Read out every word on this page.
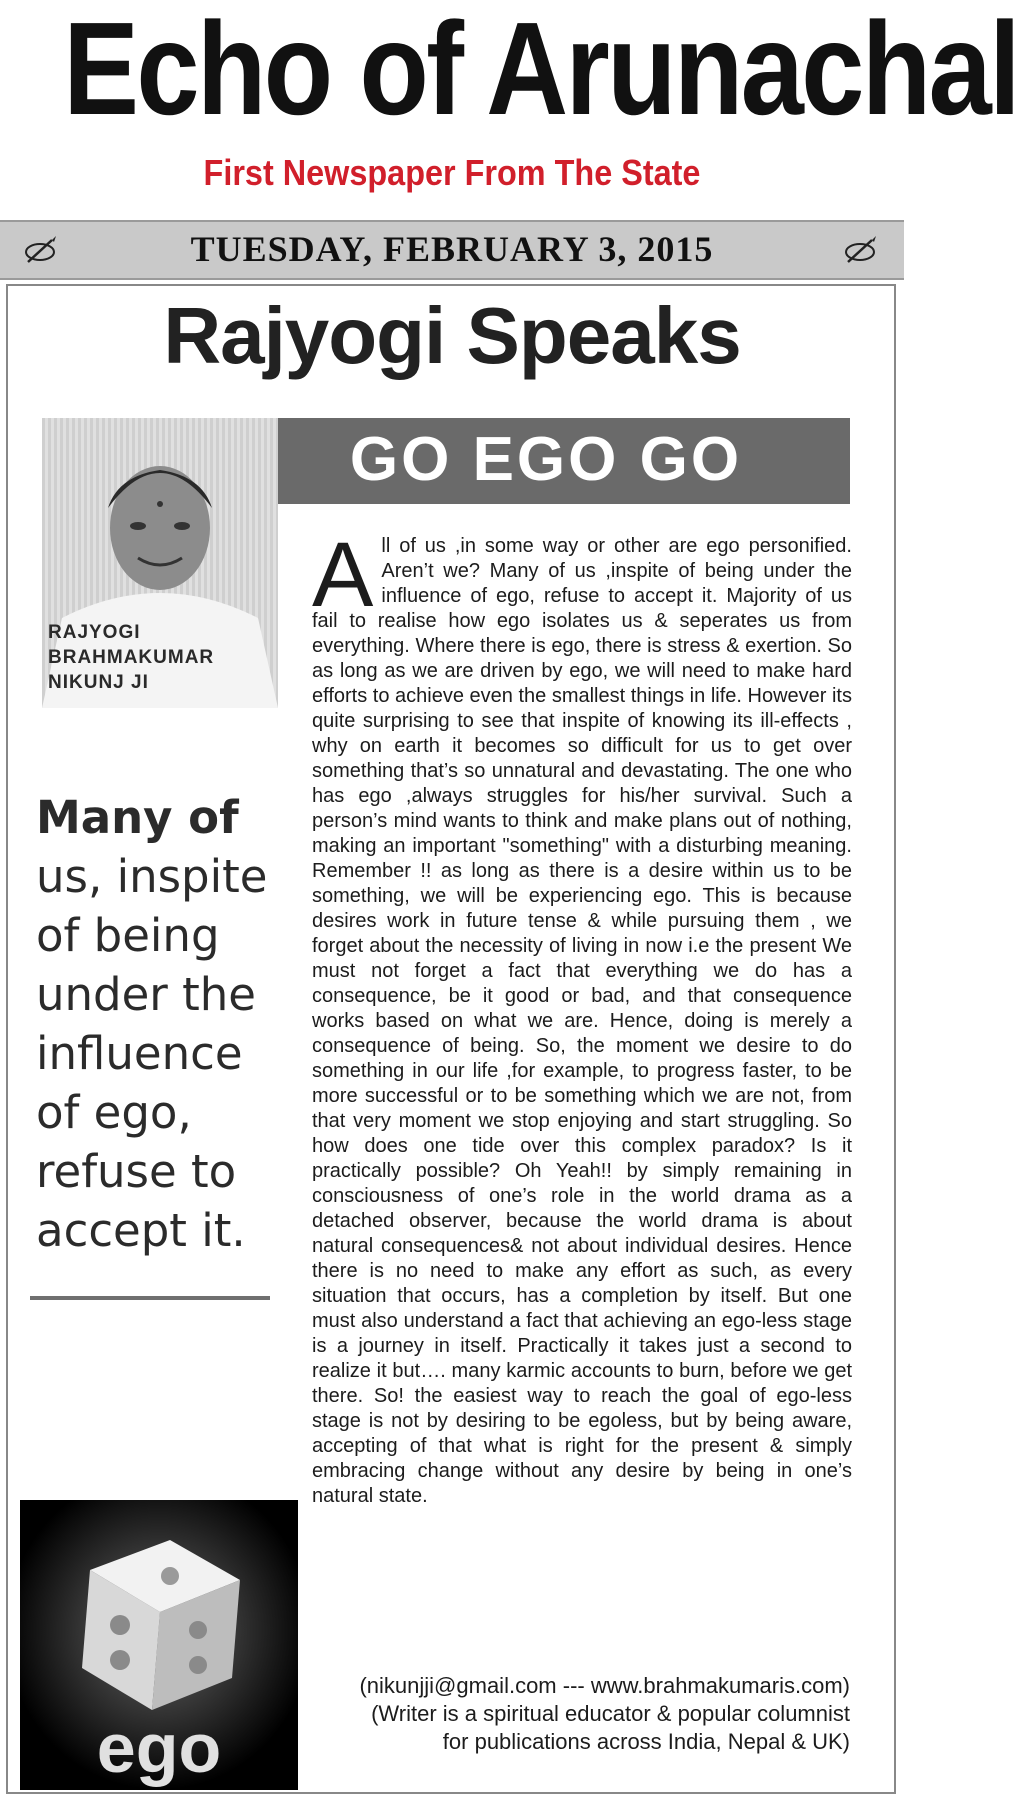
Echo of Arunachal
First Newspaper From The State
TUESDAY, FEBRUARY 3, 2015
Rajyogi Speaks
GO EGO GO
RAJYOGI
BRAHMAKUMAR
NIKUNJ JI
Many of us, inspite of being under the influence of ego, refuse to accept it.
All of us ,in some way or other are ego personified. Aren’t we? Many of us ,inspite of being under the influence of ego, refuse to accept it. Majority of us fail to realise how ego isolates us & seperates us from everything. Where there is ego, there is stress & exertion. So as long as we are driven by ego, we will need to make hard efforts to achieve even the smallest things in life. However its quite surprising to see that inspite of knowing its ill-effects , why on earth it becomes so difficult for us to get over something that’s so unnatural and devastating. The one who has ego ,always struggles for his/her survival. Such a person’s mind wants to think and make plans out of nothing, making an important "something" with a disturbing meaning. Remember !! as long as there is a desire within us to be something, we will be experiencing ego. This is because desires work in future tense & while pursuing them , we forget about the necessity of living in now i.e the present We must not forget a fact that everything we do has a consequence, be it good or bad, and that consequence works based on what we are. Hence, doing is merely a consequence of being. So, the moment we desire to do something in our life ,for example, to progress faster, to be more successful or to be something which we are not, from that very moment we stop enjoying and start struggling. So how does one tide over this complex paradox? Is it practically possible? Oh Yeah!! by simply remaining in consciousness of one’s role in the world drama as a detached observer, because the world drama is about natural consequences& not about individual desires. Hence there is no need to make any effort as such, as every situation that occurs, has a completion by itself. But one must also understand a fact that achieving an ego-less stage is a journey in itself. Practically it takes just a second to realize it but…. many karmic accounts to burn, before we get there. So! the easiest way to reach the goal of ego-less stage is not by desiring to be egoless, but by being aware, accepting of that what is right for the present & simply embracing change without any desire by being in one’s natural state.
ego
(nikunjji@gmail.com --- www.brahmakumaris.com)
(Writer is a spiritual educator & popular columnist
for publications across India, Nepal & UK)
